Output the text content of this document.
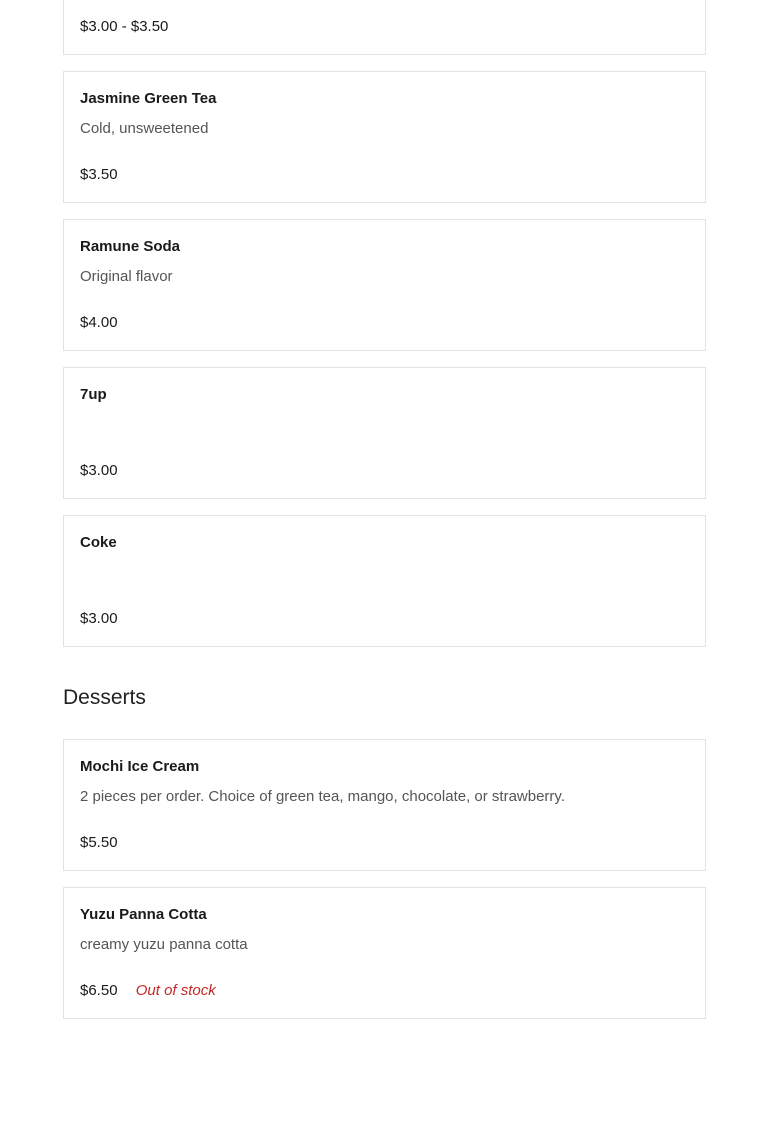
$3.00 - $3.50
Jasmine Green Tea
Cold, unsweetened
$3.50
Ramune Soda
Original flavor
$4.00
7up
$3.00
Coke
$3.00
Desserts
Mochi Ice Cream
2 pieces per order. Choice of green tea, mango, chocolate, or strawberry.
$5.50
Yuzu Panna Cotta
creamy yuzu panna cotta
$6.50 Out of stock
